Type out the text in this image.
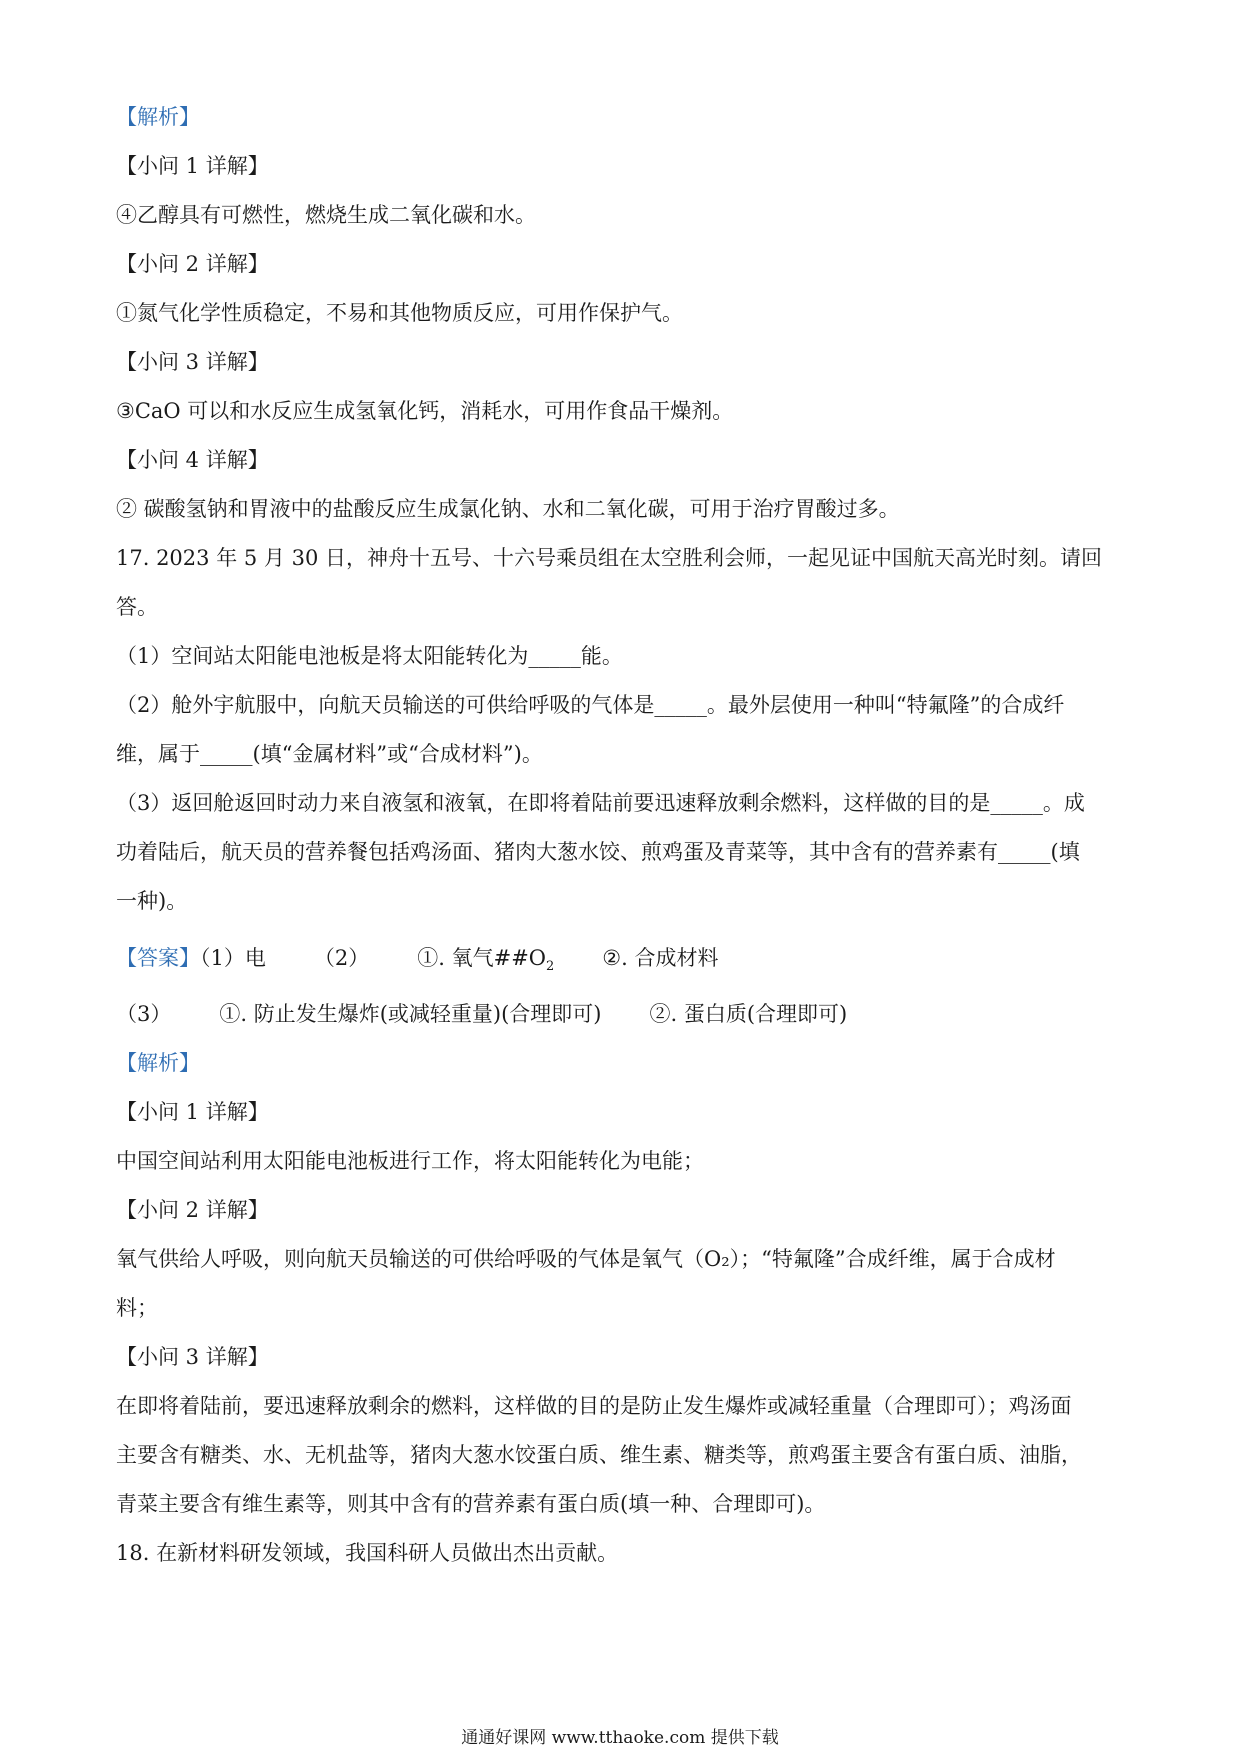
【解析】
【小问 1 详解】
④乙醇具有可燃性，燃烧生成二氧化碳和水。
【小问 2 详解】
①氮气化学性质稳定，不易和其他物质反应，可用作保护气。
【小问 3 详解】
③CaO 可以和水反应生成氢氧化钙，消耗水，可用作食品干燥剂。
【小问 4 详解】
② 碳酸氢钠和胃液中的盐酸反应生成氯化钠、水和二氧化碳，可用于治疗胃酸过多。
17. 2023 年 5 月 30 日，神舟十五号、十六号乘员组在太空胜利会师，一起见证中国航天高光时刻。请回
答。
（1）空间站太阳能电池板是将太阳能转化为_____能。
（2）舱外宇航服中，向航天员输送的可供给呼吸的气体是_____。最外层使用一种叫“特氟隆”的合成纤
维，属于_____(填“金属材料”或“合成材料”)。
（3）返回舱返回时动力来自液氢和液氧，在即将着陆前要迅速释放剩余燃料，这样做的目的是_____。成
功着陆后，航天员的营养餐包括鸡汤面、猪肉大葱水饺、煎鸡蛋及青菜等，其中含有的营养素有_____(填
一种)。
【答案】（1）电 （2） ①. 氧气$\#\#O_2$ ②. 合成材料
（3） ①. 防止发生爆炸(或减轻重量)(合理即可) ②. 蛋白质(合理即可)
【解析】
【小问 1 详解】
中国空间站利用太阳能电池板进行工作，将太阳能转化为电能；
【小问 2 详解】
氧气供给人呼吸，则向航天员输送的可供给呼吸的气体是氧气（O₂）；“特氟隆”合成纤维，属于合成材
料；
【小问 3 详解】
在即将着陆前，要迅速释放剩余的燃料，这样做的目的是防止发生爆炸或减轻重量（合理即可）；鸡汤面
主要含有糖类、水、无机盐等，猪肉大葱水饺蛋白质、维生素、糖类等，煎鸡蛋主要含有蛋白质、油脂，
青菜主要含有维生素等，则其中含有的营养素有蛋白质(填一种、合理即可)。
18. 在新材料研发领域，我国科研人员做出杰出贡献。
通通好课网 www.tthaoke.com 提供下载
